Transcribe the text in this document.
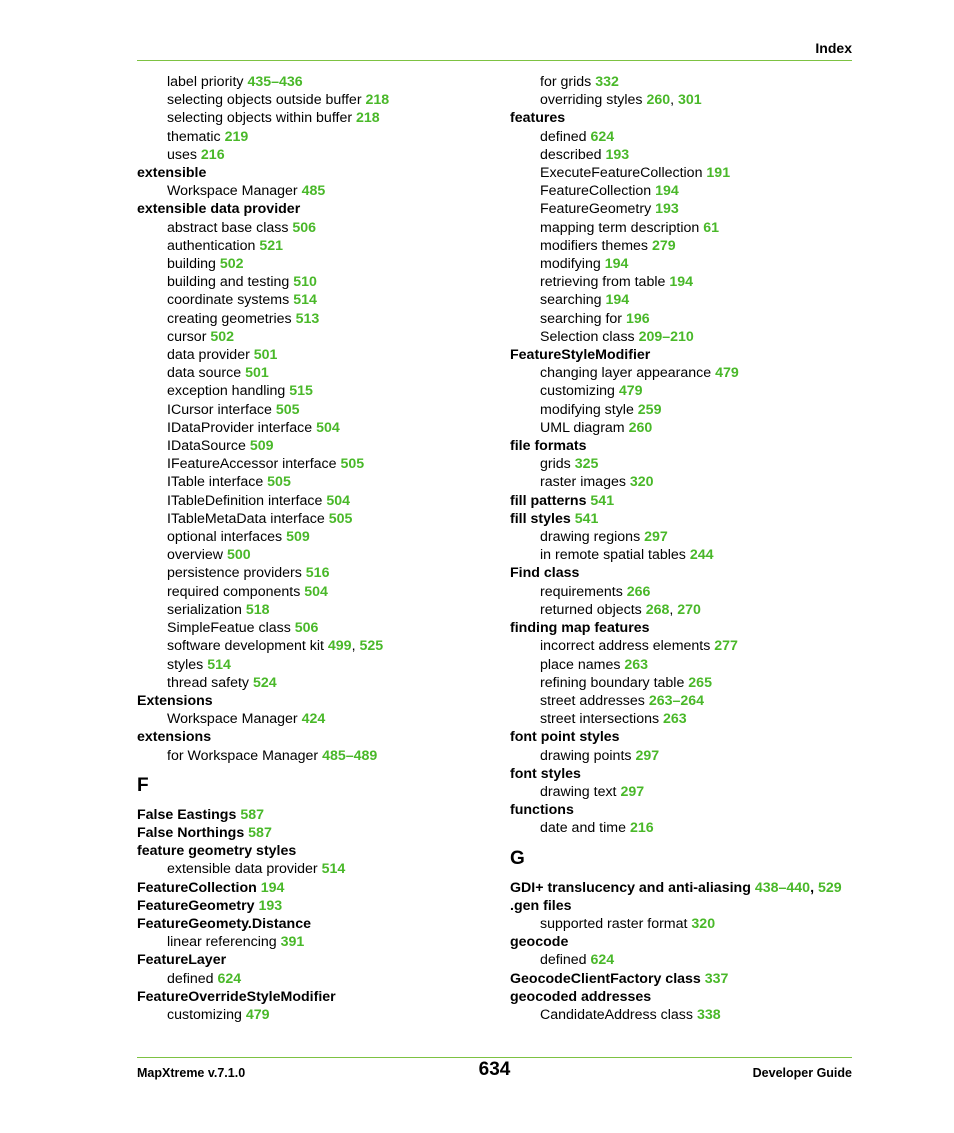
Index
label priority 435–436
selecting objects outside buffer 218
selecting objects within buffer 218
thematic 219
uses 216
extensible
Workspace Manager 485
extensible data provider
abstract base class 506
authentication 521
building 502
building and testing 510
coordinate systems 514
creating geometries 513
cursor 502
data provider 501
data source 501
exception handling 515
ICursor interface 505
IDataProvider interface 504
IDataSource 509
IFeatureAccessor interface 505
ITable interface 505
ITableDefinition interface 504
ITableMetaData interface 505
optional interfaces 509
overview 500
persistence providers 516
required components 504
serialization 518
SimpleFeatue class 506
software development kit 499, 525
styles 514
thread safety 524
Extensions
Workspace Manager 424
extensions
for Workspace Manager 485–489
F
False Eastings 587
False Northings 587
feature geometry styles
extensible data provider 514
FeatureCollection 194
FeatureGeometry 193
FeatureGeomety.Distance
linear referencing 391
FeatureLayer
defined 624
FeatureOverrideStyleModifier
customizing 479
for grids 332
overriding styles 260, 301
features
defined 624
described 193
ExecuteFeatureCollection 191
FeatureCollection 194
FeatureGeometry 193
mapping term description 61
modifiers themes 279
modifying 194
retrieving from table 194
searching 194
searching for 196
Selection class 209–210
FeatureStyleModifier
changing layer appearance 479
customizing 479
modifying style 259
UML diagram 260
file formats
grids 325
raster images 320
fill patterns 541
fill styles 541
drawing regions 297
in remote spatial tables 244
Find class
requirements 266
returned objects 268, 270
finding map features
incorrect address elements 277
place names 263
refining boundary table 265
street addresses 263–264
street intersections 263
font point styles
drawing points 297
font styles
drawing text 297
functions
date and time 216
G
GDI+ translucency and anti-aliasing 438–440, 529
.gen files
supported raster format 320
geocode
defined 624
GeocodeClientFactory class 337
geocoded addresses
CandidateAddress class 338
MapXtreme v.7.1.0	634	Developer Guide
